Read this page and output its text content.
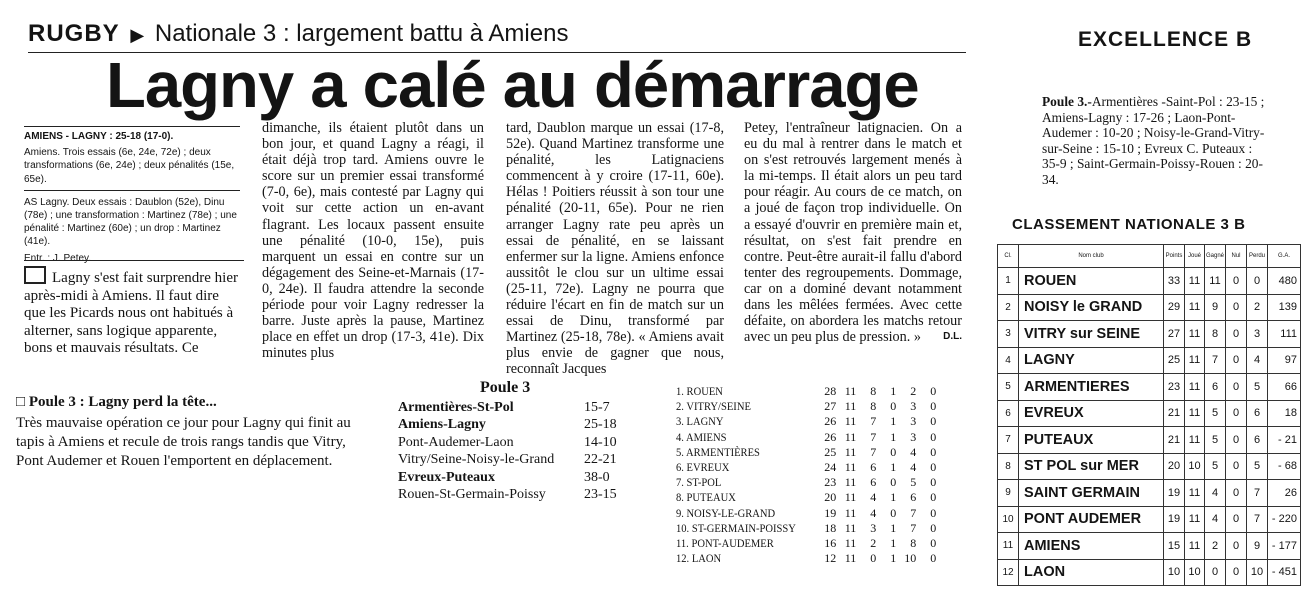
RUGBY ▶ Nationale 3 : largement battu à Amiens
Lagny a calé au démarrage

AMIENS - LAGNY : 25-18 (17-0).

Amiens. Trois essais (6e, 24e, 72e) ; deux transformations (6e, 24e) ; deux pénalités (15e, 65e).

AS Lagny. Deux essais : Daublon (52e), Dinu (78e) ; une transformation : Martinez (78e) ; une pénalité : Martinez (60e) ; un drop : Martinez (41e).

Entr. : J. Petey.

Lagny s'est fait surprendre hier après-midi à Amiens. Il faut dire que les Picards nous ont habitués à alterner, sans logique apparente, bons et mauvais résultats. Ce
dimanche, ils étaient plutôt dans un bon jour, et quand Lagny a réagi, il était déjà trop tard. Amiens ouvre le score sur un premier essai transformé (7-0, 6e), mais contesté par Lagny qui voit sur cette action un en-avant flagrant. Les locaux passent ensuite une pénalité (10-0, 15e), puis marquent un essai en contre sur un dégagement des Seine-et-Marnais (17-0, 24e). Il faudra attendre la seconde période pour voir Lagny redresser la barre. Juste après la pause, Martinez place en effet un drop (17-3, 41e). Dix minutes plus
tard, Daublon marque un essai (17-8, 52e). Quand Martinez transforme une pénalité, les Latignaciens commencent à y croire (17-11, 60e). Hélas ! Poitiers réussit à son tour une pénalité (20-11, 65e). Pour ne rien arranger Lagny rate peu après un essai de pénalité, en se laissant enfermer sur la ligne. Amiens enfonce aussitôt le clou sur un ultime essai (25-11, 72e). Lagny ne pourra que réduire l'écart en fin de match sur un essai de Dinu, transformé par Martinez (25-18, 78e). « Amiens avait plus envie de gagner que nous, reconnaît Jacques
Petey, l'entraîneur latignacien. On a eu du mal à rentrer dans le match et on s'est retrouvés largement menés à la mi-temps. Il était alors un peu tard pour réagir. Au cours de ce match, on a joué de façon trop individuelle. On a essayé d'ouvrir en première main et, résultat, on s'est fait prendre en contre. Peut-être aurait-il fallu d'abord tenter des regroupements. Dommage, car on a dominé devant notamment dans les mêlées fermées. Avec cette défaite, on abordera les matchs retour avec un peu plus de pression. » D.L.
□ Poule 3 : Lagny perd la tête...
Très mauvaise opération ce jour pour Lagny qui finit au tapis à Amiens et recule de trois rangs tandis que Vitry, Pont Audemer et Rouen l'emportent en déplacement.
Poule 3
Armentières-St-Pol	15-7
Amiens-Lagny	25-18
Pont-Audemer-Laon	14-10
Vitry/Seine-Noisy-le-Grand	22-21
Evreux-Puteaux	38-0
Rouen-St-Germain-Poissy	23-15
1. ROUEN	28	11	8	1	2	0
2. VITRY/SEINE	27	11	8	0	3	0
3. LAGNY	26	11	7	1	3	0
4. AMIENS	26	11	7	1	3	0
5. ARMENTIÈRES	25	11	7	0	4	0
6. EVREUX	24	11	6	1	4	0
7. ST-POL	23	11	6	0	5	0
8. PUTEAUX	20	11	4	1	6	0
9. NOISY-LE-GRAND	19	11	4	0	7	0
10. ST-GERMAIN-POISSY	18	11	3	1	7	0
11. PONT-AUDEMER	16	11	2	1	8	0
12. LAON	12	11	0	1	10	0
EXCELLENCE B
Poule 3.-Armentières -Saint-Pol : 23-15 ; Amiens-Lagny : 17-26 ; Laon-Pont-Audemer : 10-20 ; Noisy-le-Grand-Vitry-sur-Seine : 15-10 ; Evreux C. Puteaux : 35-9 ; Saint-Germain-Poissy-Rouen : 20-34.
CLASSEMENT NATIONALE 3 B
Cl.	Nom club	Points	Joué	Gagné	Nul	Perdu	G.A.
1	ROUEN	33	11	11	0	0	480
2	NOISY le GRAND	29	11	9	0	2	139
3	VITRY sur SEINE	27	11	8	0	3	111
4	LAGNY	25	11	7	0	4	97
5	ARMENTIERES	23	11	6	0	5	66
6	EVREUX	21	11	5	0	6	18
7	PUTEAUX	21	11	5	0	6	- 21
8	ST POL sur MER	20	10	5	0	5	- 68
9	SAINT GERMAIN	19	11	4	0	7	26
10	PONT AUDEMER	19	11	4	0	7	- 220
11	AMIENS	15	11	2	0	9	- 177
12	LAON	10	10	0	0	10	- 451
